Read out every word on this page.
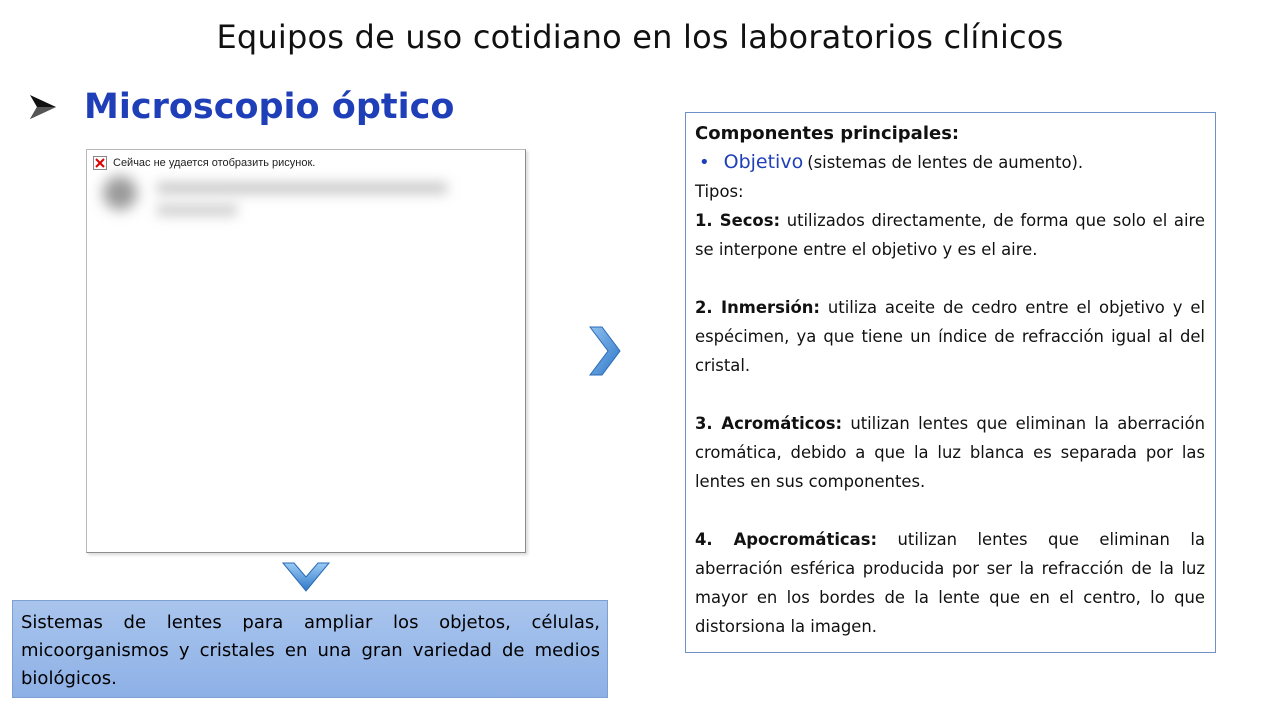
Equipos de uso cotidiano en los laboratorios clínicos
Microscopio óptico
Сейчас не удается отобразить рисунок.
Sistemas de lentes para ampliar los objetos, células, micoorganismos y cristales en una gran variedad de medios biológicos.
Componentes principales:
• Objetivo (sistemas de lentes de aumento).
Tipos:
1. Secos: utilizados directamente, de forma que solo el aire se interpone entre el objetivo y es el aire.
2. Inmersión: utiliza aceite de cedro entre el objetivo y el espécimen, ya que tiene un índice de refracción igual al del cristal.
3. Acromáticos: utilizan lentes que eliminan la aberración cromática, debido a que la luz blanca es separada por las lentes en sus componentes.
4. Apocromáticas: utilizan lentes que eliminan la aberración esférica producida por ser la refracción de la luz mayor en los bordes de la lente que en el centro, lo que distorsiona la imagen.
